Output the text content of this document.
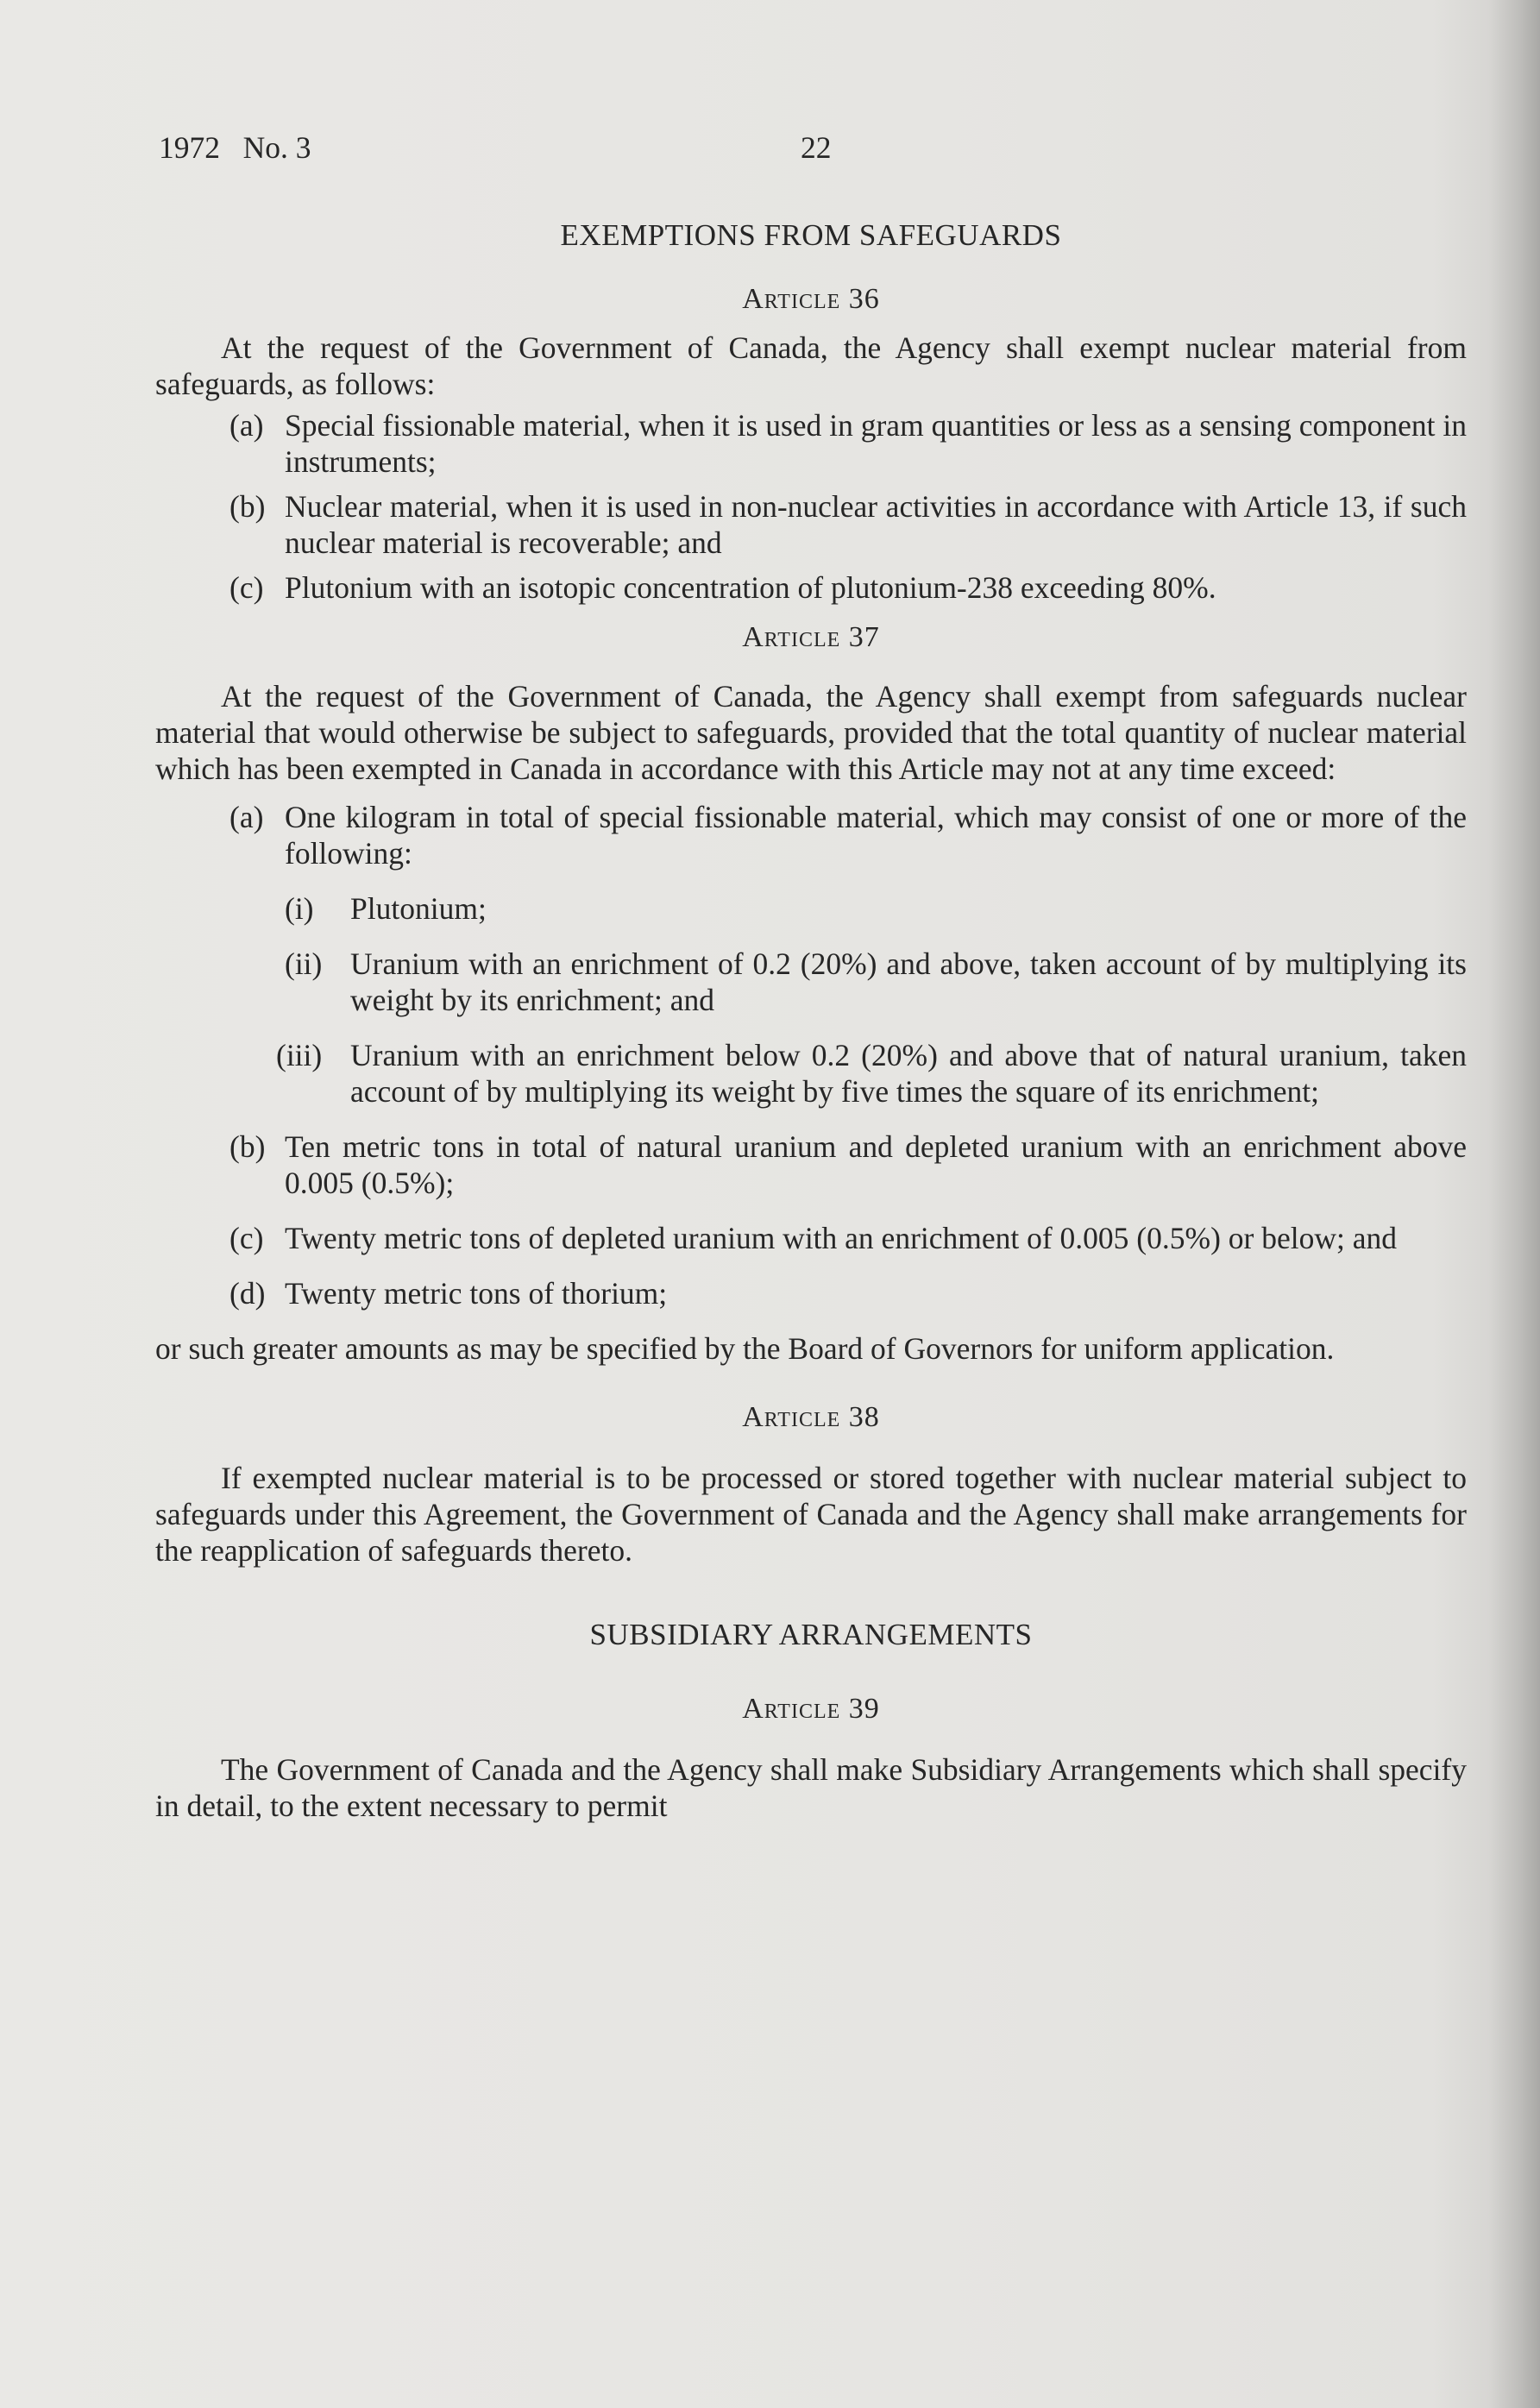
1972   No. 3	22
EXEMPTIONS FROM SAFEGUARDS
Article 36

At the request of the Government of Canada, the Agency shall exempt nuclear material from safeguards, as follows:

(a) Special fissionable material, when it is used in gram quantities or less as a sensing component in instruments;

(b) Nuclear material, when it is used in non-nuclear activities in accordance with Article 13, if such nuclear material is recoverable; and

(c) Plutonium with an isotopic concentration of plutonium-238 exceeding 80%.

Article 37

At the request of the Government of Canada, the Agency shall exempt from safeguards nuclear material that would otherwise be subject to safeguards, provided that the total quantity of nuclear material which has been exempted in Canada in accordance with this Article may not at any time exceed:

(a) One kilogram in total of special fissionable material, which may consist of one or more of the following:

(i) Plutonium;

(ii) Uranium with an enrichment of 0.2 (20%) and above, taken account of by multiplying its weight by its enrichment; and

(iii) Uranium with an enrichment below 0.2 (20%) and above that of natural uranium, taken account of by multiplying its weight by five times the square of its enrichment;

(b) Ten metric tons in total of natural uranium and depleted uranium with an enrichment above 0.005 (0.5%);

(c) Twenty metric tons of depleted uranium with an enrichment of 0.005 (0.5%) or below; and

(d) Twenty metric tons of thorium;

or such greater amounts as may be specified by the Board of Governors for uniform application.

Article 38

If exempted nuclear material is to be processed or stored together with nuclear material subject to safeguards under this Agreement, the Government of Canada and the Agency shall make arrangements for the reapplication of safeguards thereto.

SUBSIDIARY ARRANGEMENTS
Article 39

The Government of Canada and the Agency shall make Subsidiary Arrangements which shall specify in detail, to the extent necessary to permit
